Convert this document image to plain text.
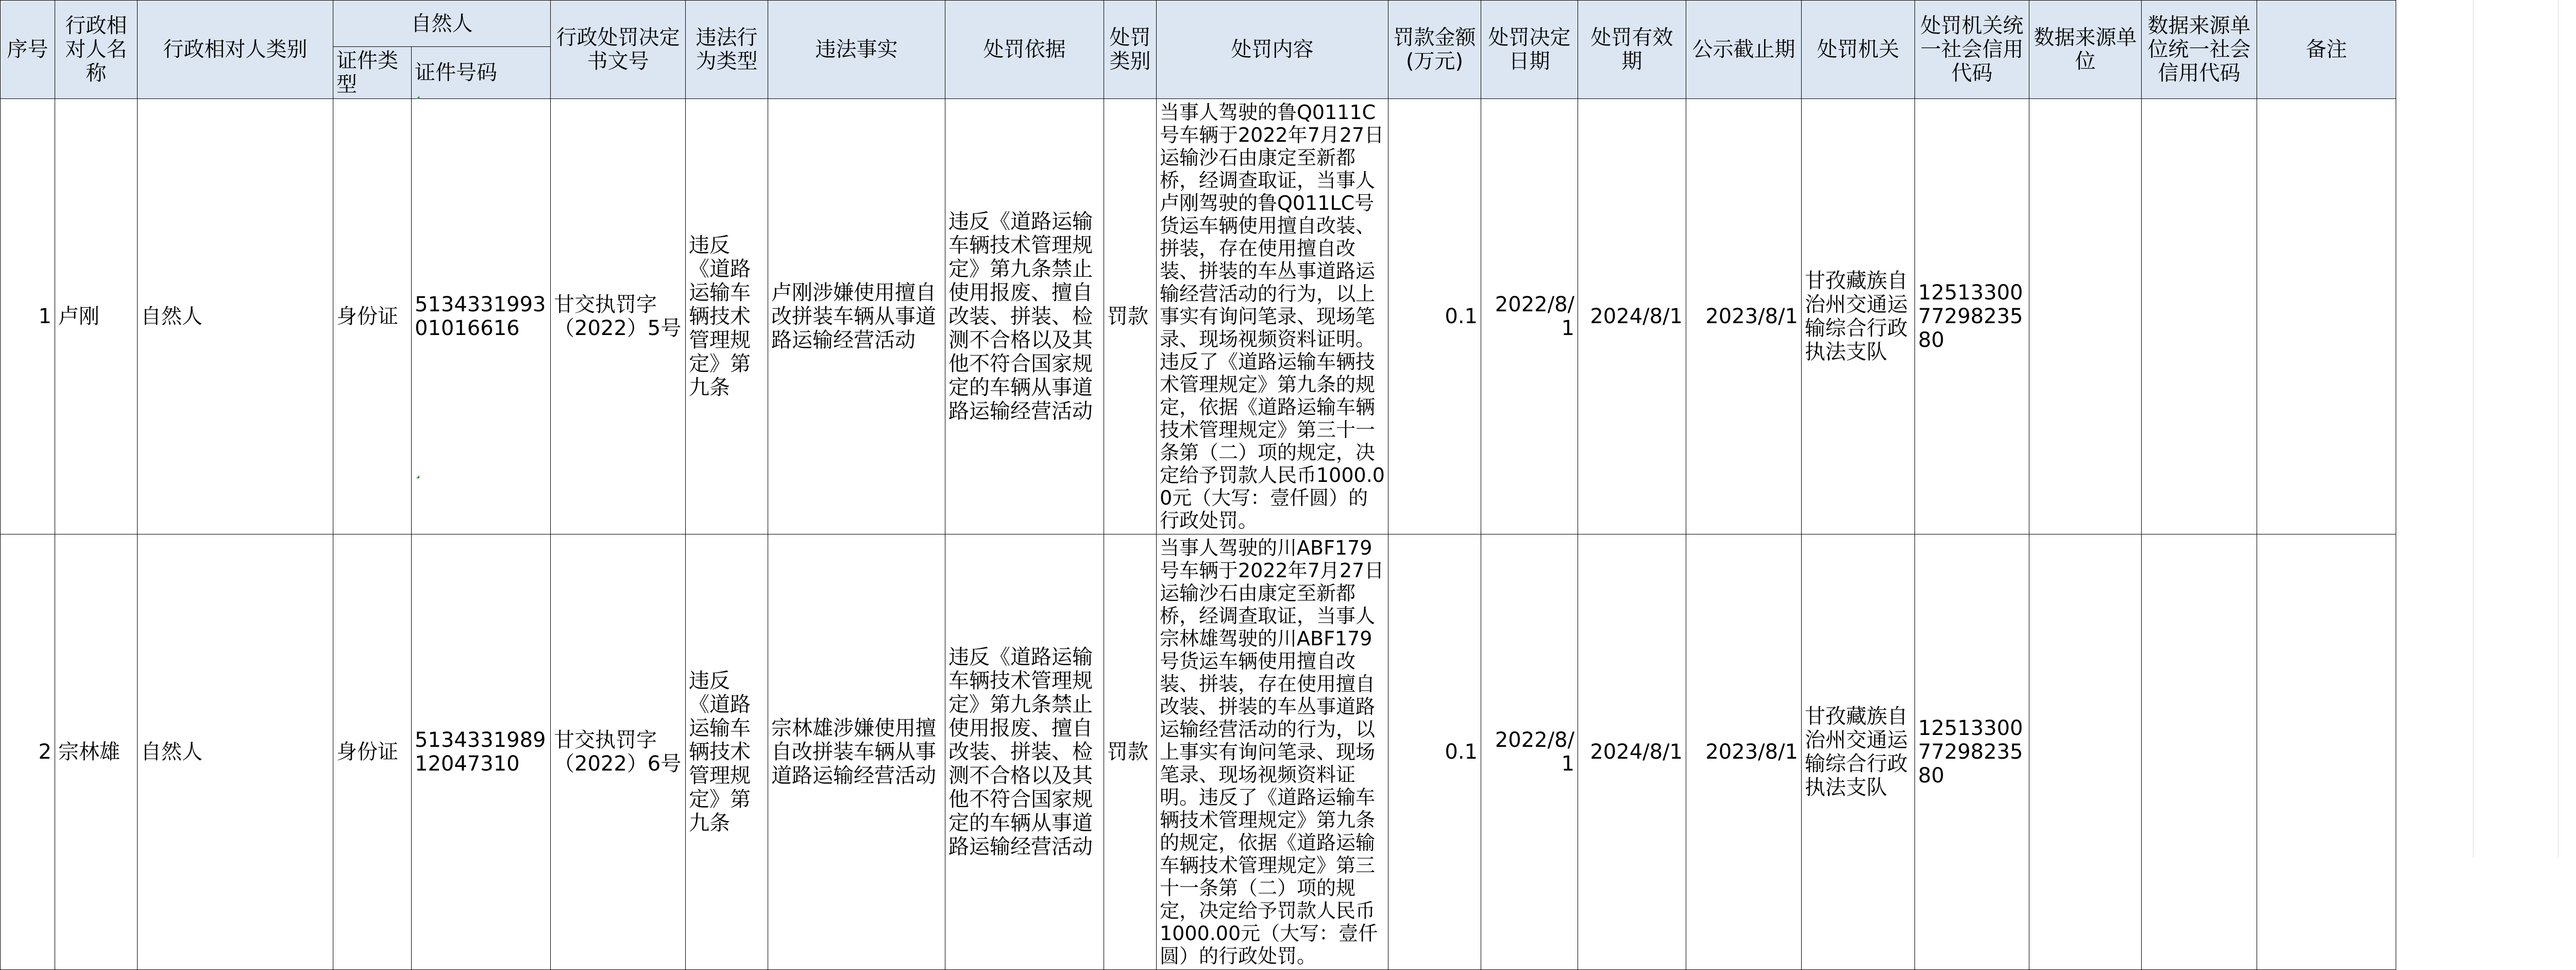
序号	行政相对人名称	行政相对人类别	自然人		行政处罚决定书文号	违法行为类型	违法事实	处罚依据	处罚类别	处罚内容	罚款金额(万元)	处罚决定日期	处罚有效期	公示截止期	处罚机关	处罚机关统一社会信用代码	数据来源单位	数据来源单位统一社会信用代码	备注
			证件类型	证件号码															
1	卢刚	自然人	身份证	513433199301016616	甘交执罚字（2022）5号	违反《道路运输车辆技术管理规定》第九条	卢刚涉嫌使用擅自改拼装车辆从事道路运输经营活动	违反《道路运输车辆技术管理规定》第九条禁止使用报废、擅自改装、拼装、检测不合格以及其他不符合国家规定的车辆从事道路运输经营活动	罚款	当事人驾驶的鲁Q0111C号车辆于2022年7月27日运输沙石由康定至新都桥，经调查取证，当事人卢刚驾驶的鲁Q011LC号货运车辆使用擅自改装、拼装，存在使用擅自改装、拼装的车丛事道路运输经营活动的行为，以上事实有询问笔录、现场笔录、现场视频资料证明。违反了《道路运输车辆技术管理规定》第九条的规定，依据《道路运输车辆技术管理规定》第三十一条第（二）项的规定，决定给予罚款人民币1000.00元（大写：壹仟圆）的行政处罚。	0.1	2022/8/1	2024/8/1	2023/8/1	甘孜藏族自治州交通运输综合行政执法支队	125133007729823580			
2	宗林雄	自然人	身份证	513433198912047310	甘交执罚字（2022）6号	违反《道路运输车辆技术管理规定》第九条	宗林雄涉嫌使用擅自改拼装车辆从事道路运输经营活动	违反《道路运输车辆技术管理规定》第九条禁止使用报废、擅自改装、拼装、检测不合格以及其他不符合国家规定的车辆从事道路运输经营活动	罚款	当事人驾驶的川ABF179号车辆于2022年7月27日运输沙石由康定至新都桥，经调查取证，当事人宗林雄驾驶的川ABF179号货运车辆使用擅自改装、拼装，存在使用擅自改装、拼装的车丛事道路运输经营活动的行为，以上事实有询问笔录、现场笔录、现场视频资料证明。违反了《道路运输车辆技术管理规定》第九条的规定，依据《道路运输车辆技术管理规定》第三十一条第（二）项的规定，决定给予罚款人民币1000.00元（大写：壹仟圆）的行政处罚。	0.1	2022/8/1	2024/8/1	2023/8/1	甘孜藏族自治州交通运输综合行政执法支队	125133007729823580			
